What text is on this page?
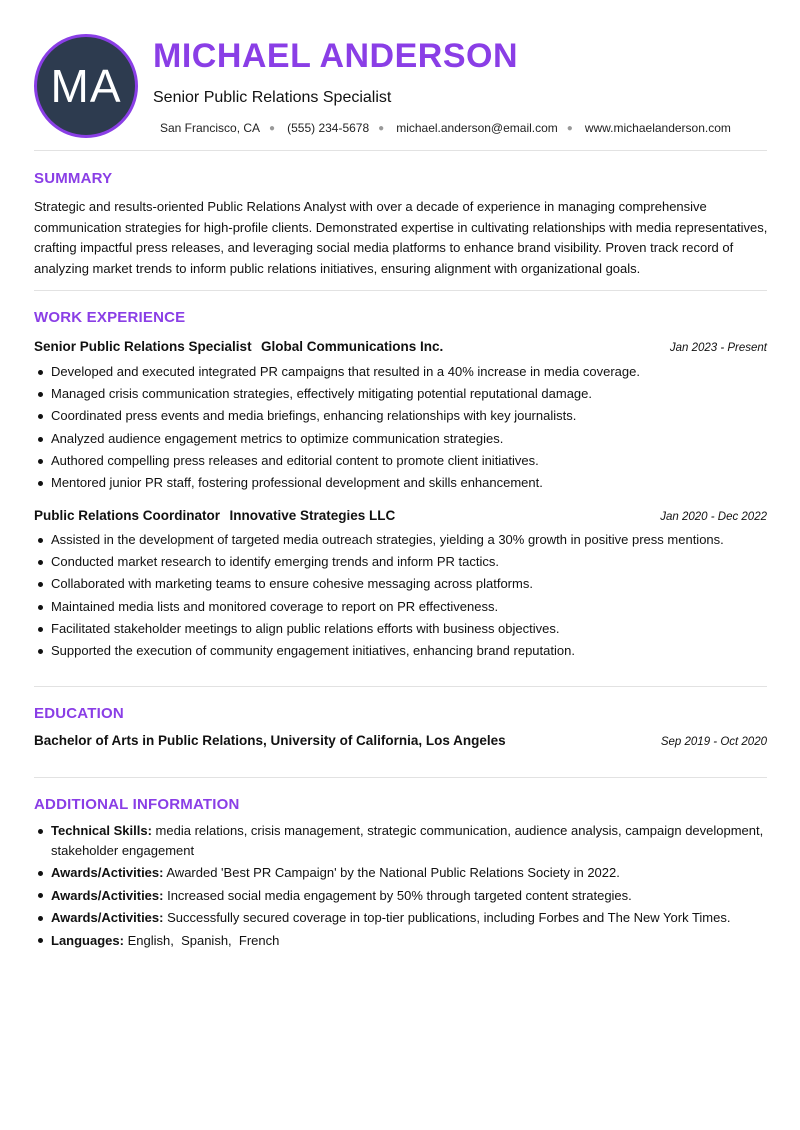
MA
MICHAEL ANDERSON
Senior Public Relations Specialist
San Francisco, CA ● (555) 234-5678 ● michael.anderson@email.com ● www.michaelanderson.com
SUMMARY

Strategic and results-oriented Public Relations Analyst with over a decade of experience in managing comprehensive communication strategies for high-profile clients. Demonstrated expertise in cultivating relationships with media representatives, crafting impactful press releases, and leveraging social media platforms to enhance brand visibility. Proven track record of analyzing market trends to inform public relations initiatives, ensuring alignment with organizational goals.

WORK EXPERIENCE
Senior Public Relations Specialist Global Communications Inc.	Jan 2023 - Present
Developed and executed integrated PR campaigns that resulted in a 40% increase in media coverage.
Managed crisis communication strategies, effectively mitigating potential reputational damage.
Coordinated press events and media briefings, enhancing relationships with key journalists.
Analyzed audience engagement metrics to optimize communication strategies.
Authored compelling press releases and editorial content to promote client initiatives.
Mentored junior PR staff, fostering professional development and skills enhancement.
Public Relations Coordinator Innovative Strategies LLC	Jan 2020 - Dec 2022
Assisted in the development of targeted media outreach strategies, yielding a 30% growth in positive press mentions.
Conducted market research to identify emerging trends and inform PR tactics.
Collaborated with marketing teams to ensure cohesive messaging across platforms.
Maintained media lists and monitored coverage to report on PR effectiveness.
Facilitated stakeholder meetings to align public relations efforts with business objectives.
Supported the execution of community engagement initiatives, enhancing brand reputation.
EDUCATION
Bachelor of Arts in Public Relations, University of California, Los Angeles	Sep 2019 - Oct 2020
ADDITIONAL INFORMATION
Technical Skills: media relations, crisis management, strategic communication, audience analysis, campaign development, stakeholder engagement
Awards/Activities: Awarded 'Best PR Campaign' by the National Public Relations Society in 2022.
Awards/Activities: Increased social media engagement by 50% through targeted content strategies.
Awards/Activities: Successfully secured coverage in top-tier publications, including Forbes and The New York Times.
Languages: English,  Spanish,  French
